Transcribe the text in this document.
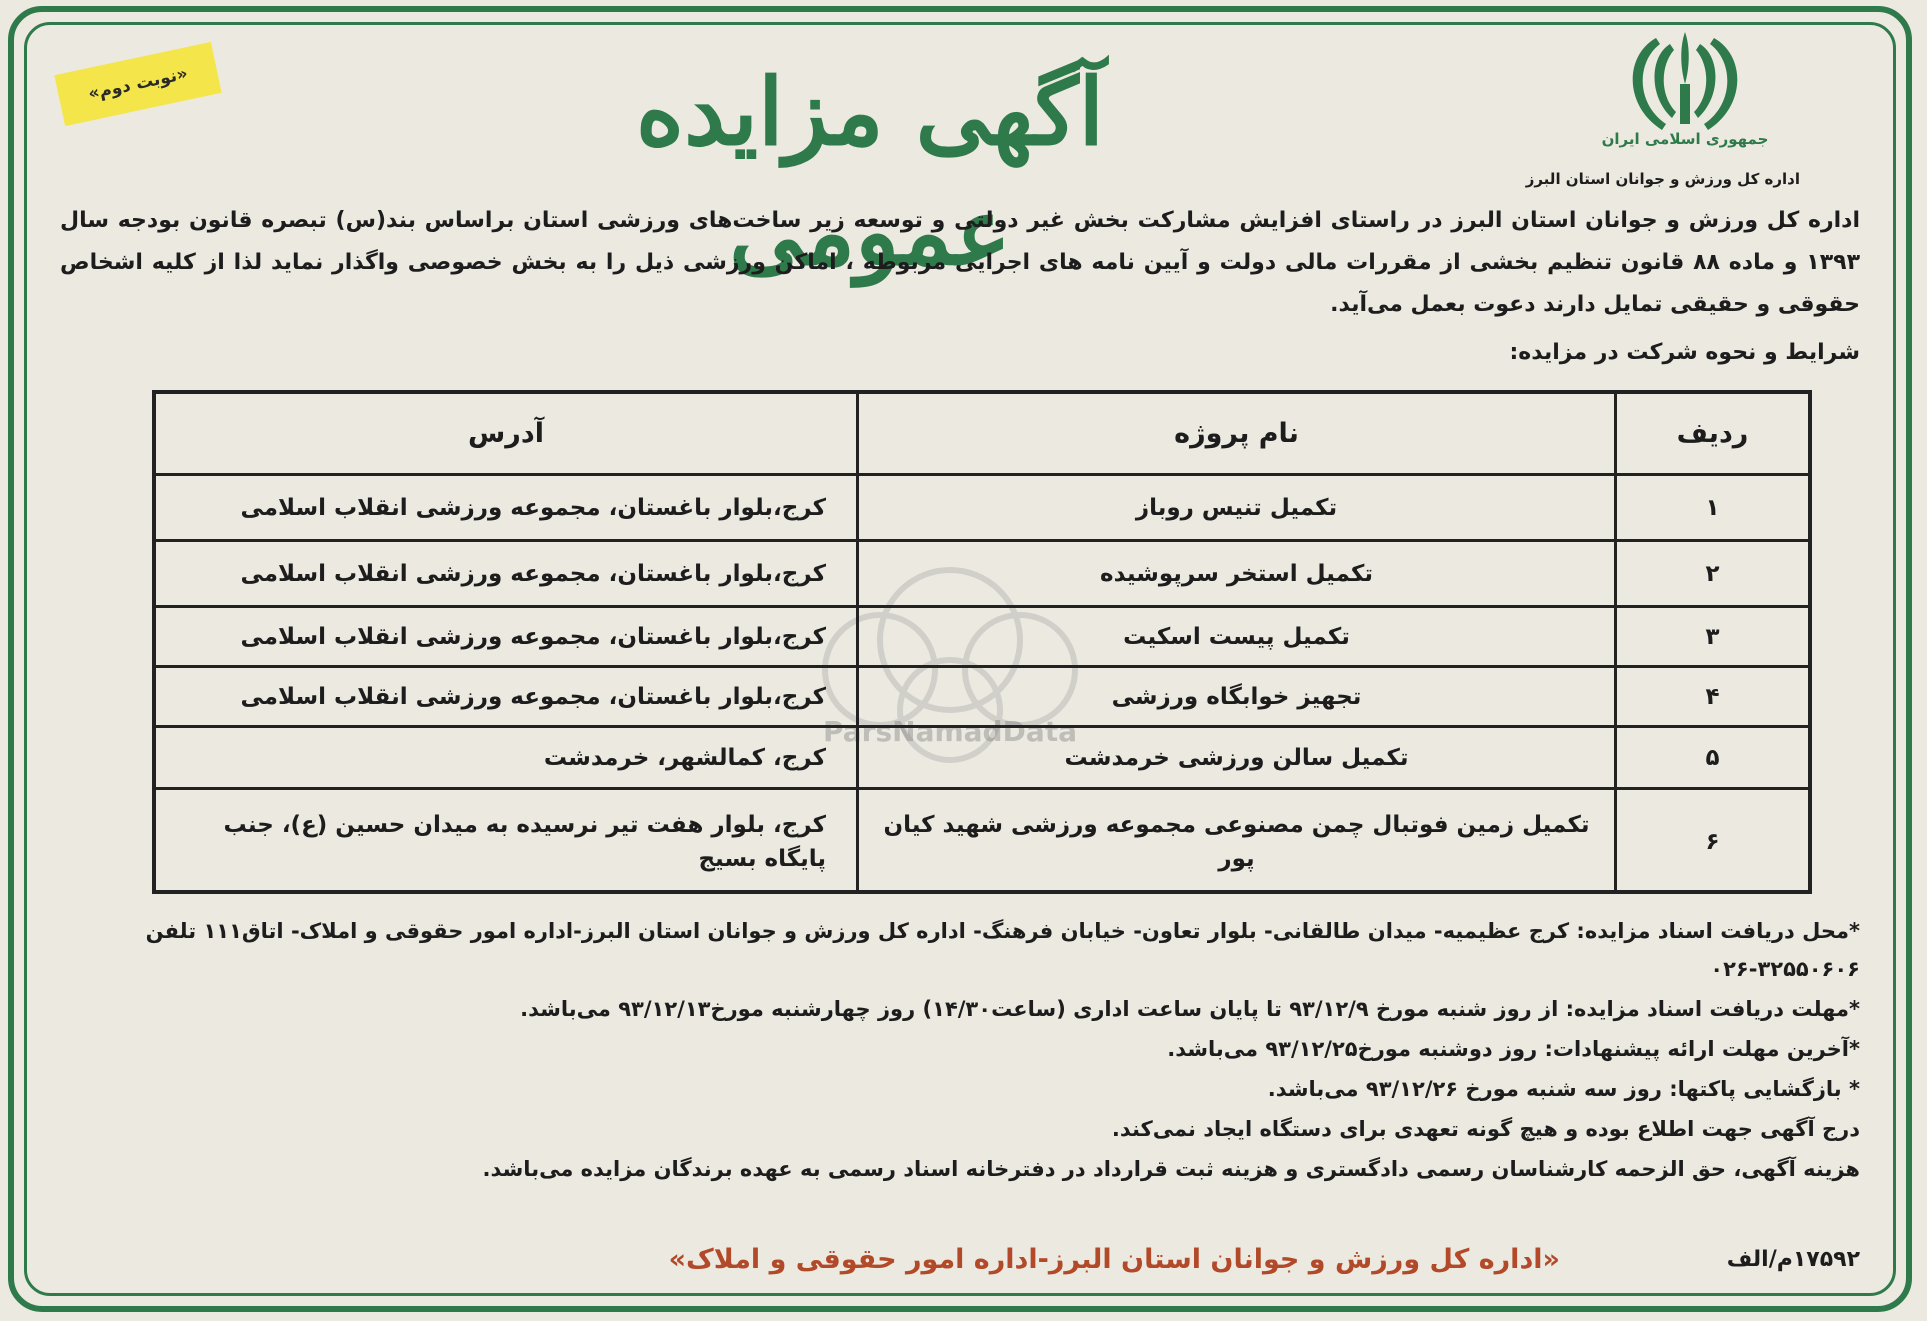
«نوبت دوم»	آگهی مزایده عمومی
جمهوری اسلامی ایران
اداره کل ورزش و جوانان استان البرز
اداره کل ورزش و جوانان استان البرز در راستای افزایش مشارکت بخش غیر دولتی و توسعه زیر ساخت‌های ورزشی استان براساس بند(س) تبصره قانون بودجه سال ۱۳۹۳ و ماده ۸۸ قانون تنظیم بخشی از مقررات مالی دولت و آیین نامه های اجرایی مربوطه ، اماکن ورزشی ذیل را به بخش خصوصی واگذار نماید لذا از کلیه اشخاص حقوقی و حقیقی تمایل دارند دعوت بعمل می‌آید.
شرایط و نحوه شرکت در مزایده:
ParsNamadData
ردیف
نام پروژه
آدرس
۱
تکمیل تنیس روباز
کرج،بلوار باغستان، مجموعه ورزشی انقلاب اسلامی
۲
تکمیل استخر سرپوشیده
کرج،بلوار باغستان، مجموعه ورزشی انقلاب اسلامی
۳
تکمیل پیست اسکیت
کرج،بلوار باغستان، مجموعه ورزشی انقلاب اسلامی
۴
تجهیز خوابگاه ورزشی
کرج،بلوار باغستان، مجموعه ورزشی انقلاب اسلامی
۵
تکمیل سالن ورزشی خرمدشت
کرج، کمالشهر، خرمدشت
۶
تکمیل زمین فوتبال چمن مصنوعی مجموعه ورزشی شهید کیان پور
کرج، بلوار هفت تیر نرسیده به میدان حسین (ع)، جنب پایگاه بسیج
*محل دریافت اسناد مزایده: کرج عظیمیه- میدان طالقانی- بلوار تعاون- خیابان فرهنگ- اداره کل ورزش و جوانان استان البرز-اداره امور حقوقی و املاک- اتاق۱۱۱ تلفن ۳۲۵۵۰۶۰۶-۰۲۶
*مهلت دریافت اسناد مزایده: از روز شنبه مورخ ۹۳/۱۲/۹ تا پایان ساعت اداری (ساعت۱۴/۳۰) روز چهارشنبه مورخ۹۳/۱۲/۱۳ می‌باشد.
*آخرین مهلت ارائه پیشنهادات: روز دوشنبه مورخ۹۳/۱۲/۲۵ می‌باشد.
* بازگشایی پاکتها: روز سه شنبه مورخ ۹۳/۱۲/۲۶ می‌باشد.
درج آگهی جهت اطلاع بوده و هیچ گونه تعهدی برای دستگاه ایجاد نمی‌کند.
هزینه آگهی، حق الزحمه کارشناسان رسمی دادگستری و هزینه ثبت قرارداد در دفترخانه اسناد رسمی به عهده برندگان مزایده می‌باشد.
۱۷۵۹۲م/الف
«اداره کل ورزش و جوانان استان البرز-اداره امور حقوقی و املاک»
